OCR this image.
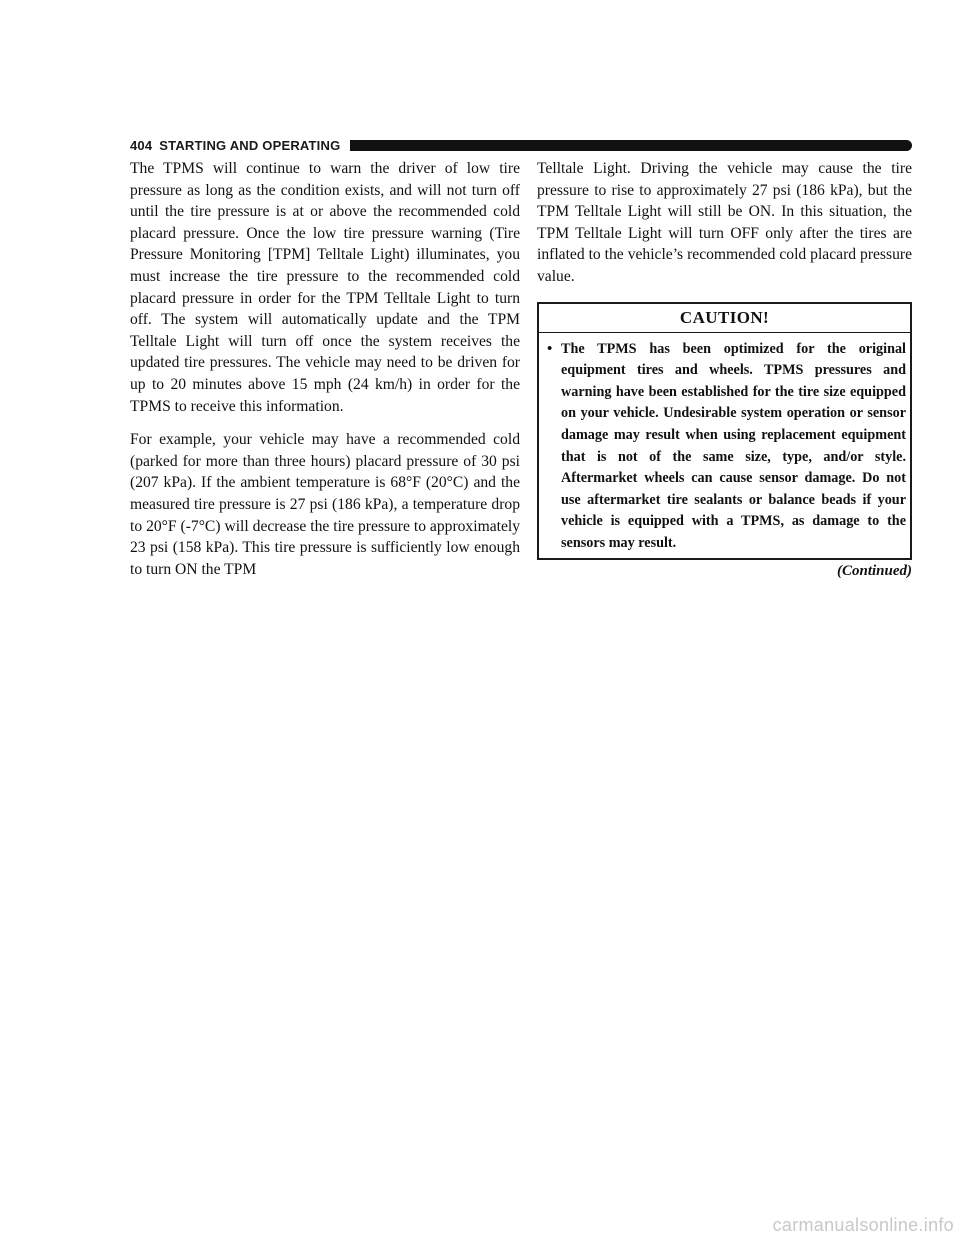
404 STARTING AND OPERATING

The TPMS will continue to warn the driver of low tire pressure as long as the condition exists, and will not turn off until the tire pressure is at or above the recommended cold placard pressure. Once the low tire pressure warning (Tire Pressure Monitoring [TPM] Telltale Light) illuminates, you must increase the tire pressure to the recommended cold placard pressure in order for the TPM Telltale Light to turn off. The system will automatically update and the TPM Telltale Light will turn off once the system receives the updated tire pressures. The vehicle may need to be driven for up to 20 minutes above 15 mph (24 km/h) in order for the TPMS to receive this information.

For example, your vehicle may have a recommended cold (parked for more than three hours) placard pressure of 30 psi (207 kPa). If the ambient temperature is 68°F (20°C) and the measured tire pressure is 27 psi (186 kPa), a temperature drop to 20°F (-7°C) will decrease the tire pressure to approximately 23 psi (158 kPa). This tire pressure is sufficiently low enough to turn ON the TPM

Telltale Light. Driving the vehicle may cause the tire pressure to rise to approximately 27 psi (186 kPa), but the TPM Telltale Light will still be ON. In this situation, the TPM Telltale Light will turn OFF only after the tires are inflated to the vehicle’s recommended cold placard pressure value.

CAUTION!
• The TPMS has been optimized for the original equipment tires and wheels. TPMS pressures and warning have been established for the tire size equipped on your vehicle. Undesirable system operation or sensor damage may result when using replacement equipment that is not of the same size, type, and/or style. Aftermarket wheels can cause sensor damage. Do not use aftermarket tire sealants or balance beads if your vehicle is equipped with a TPMS, as damage to the sensors may result.
(Continued)
carmanualsonline.info
